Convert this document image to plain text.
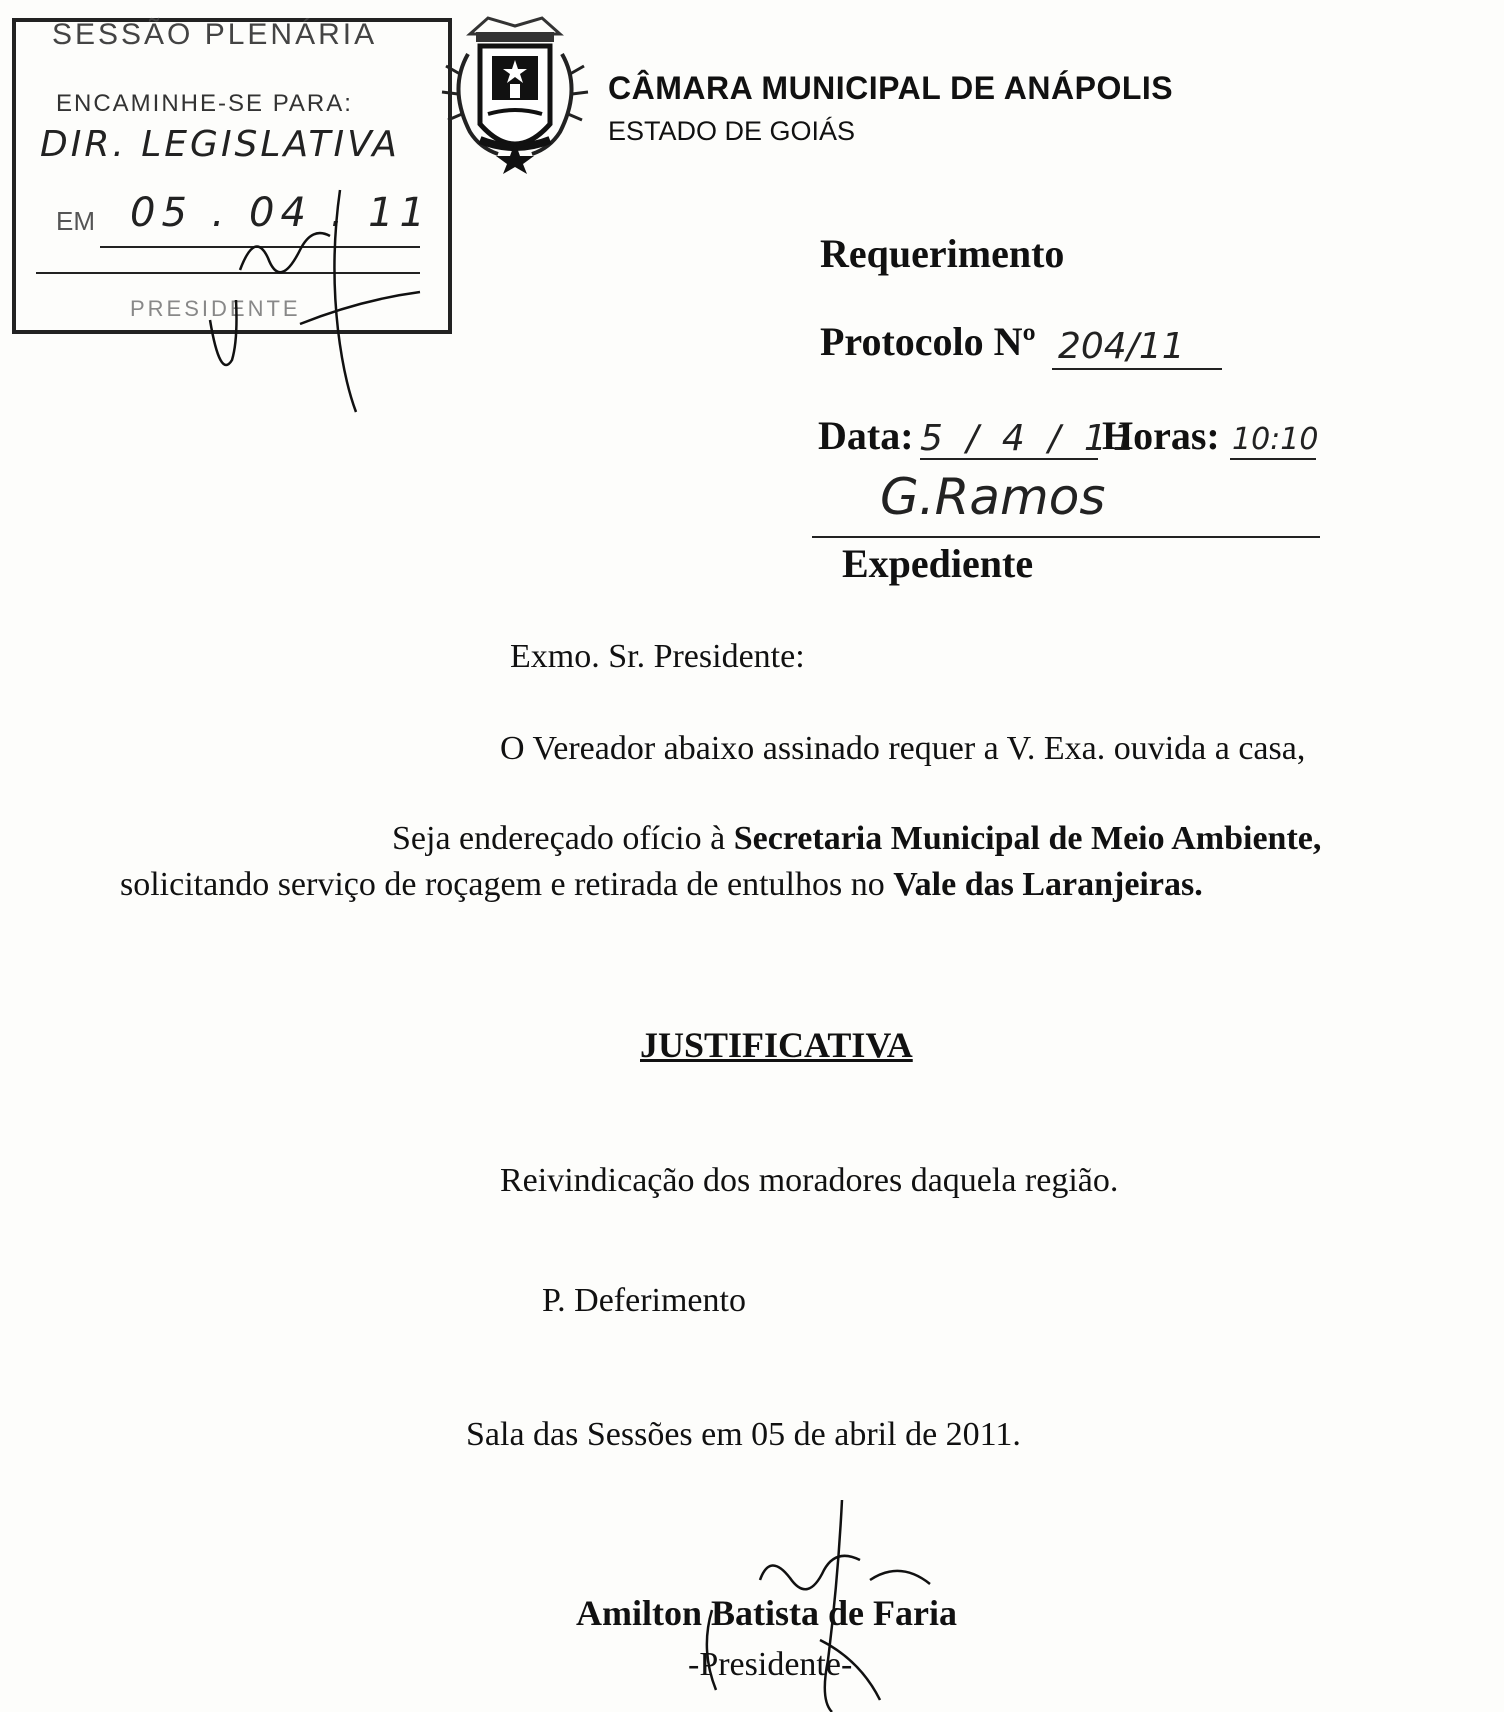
SESSÃO PLENÁRIA
ENCAMINHE-SE PARA:
DIR. LEGISLATIVA
EM 05 . 04 . 11
PRESIDENTE
CÂMARA MUNICIPAL DE ANÁPOLIS
ESTADO DE GOIÁS
Requerimento
Protocolo Nº 204/11
Data: 5 / 4 / 11
Horas: 10:10
G.Ramos
Expediente
Exmo. Sr. Presidente:
O Vereador abaixo assinado requer a V. Exa. ouvida a casa,
Seja endereçado ofício à Secretaria Municipal de Meio Ambiente,
solicitando serviço de roçagem e retirada de entulhos no Vale das Laranjeiras.
JUSTIFICATIVA
Reivindicação dos moradores daquela região.
P. Deferimento
Sala das Sessões em 05 de abril de 2011.
Amilton Batista de Faria
-Presidente-
